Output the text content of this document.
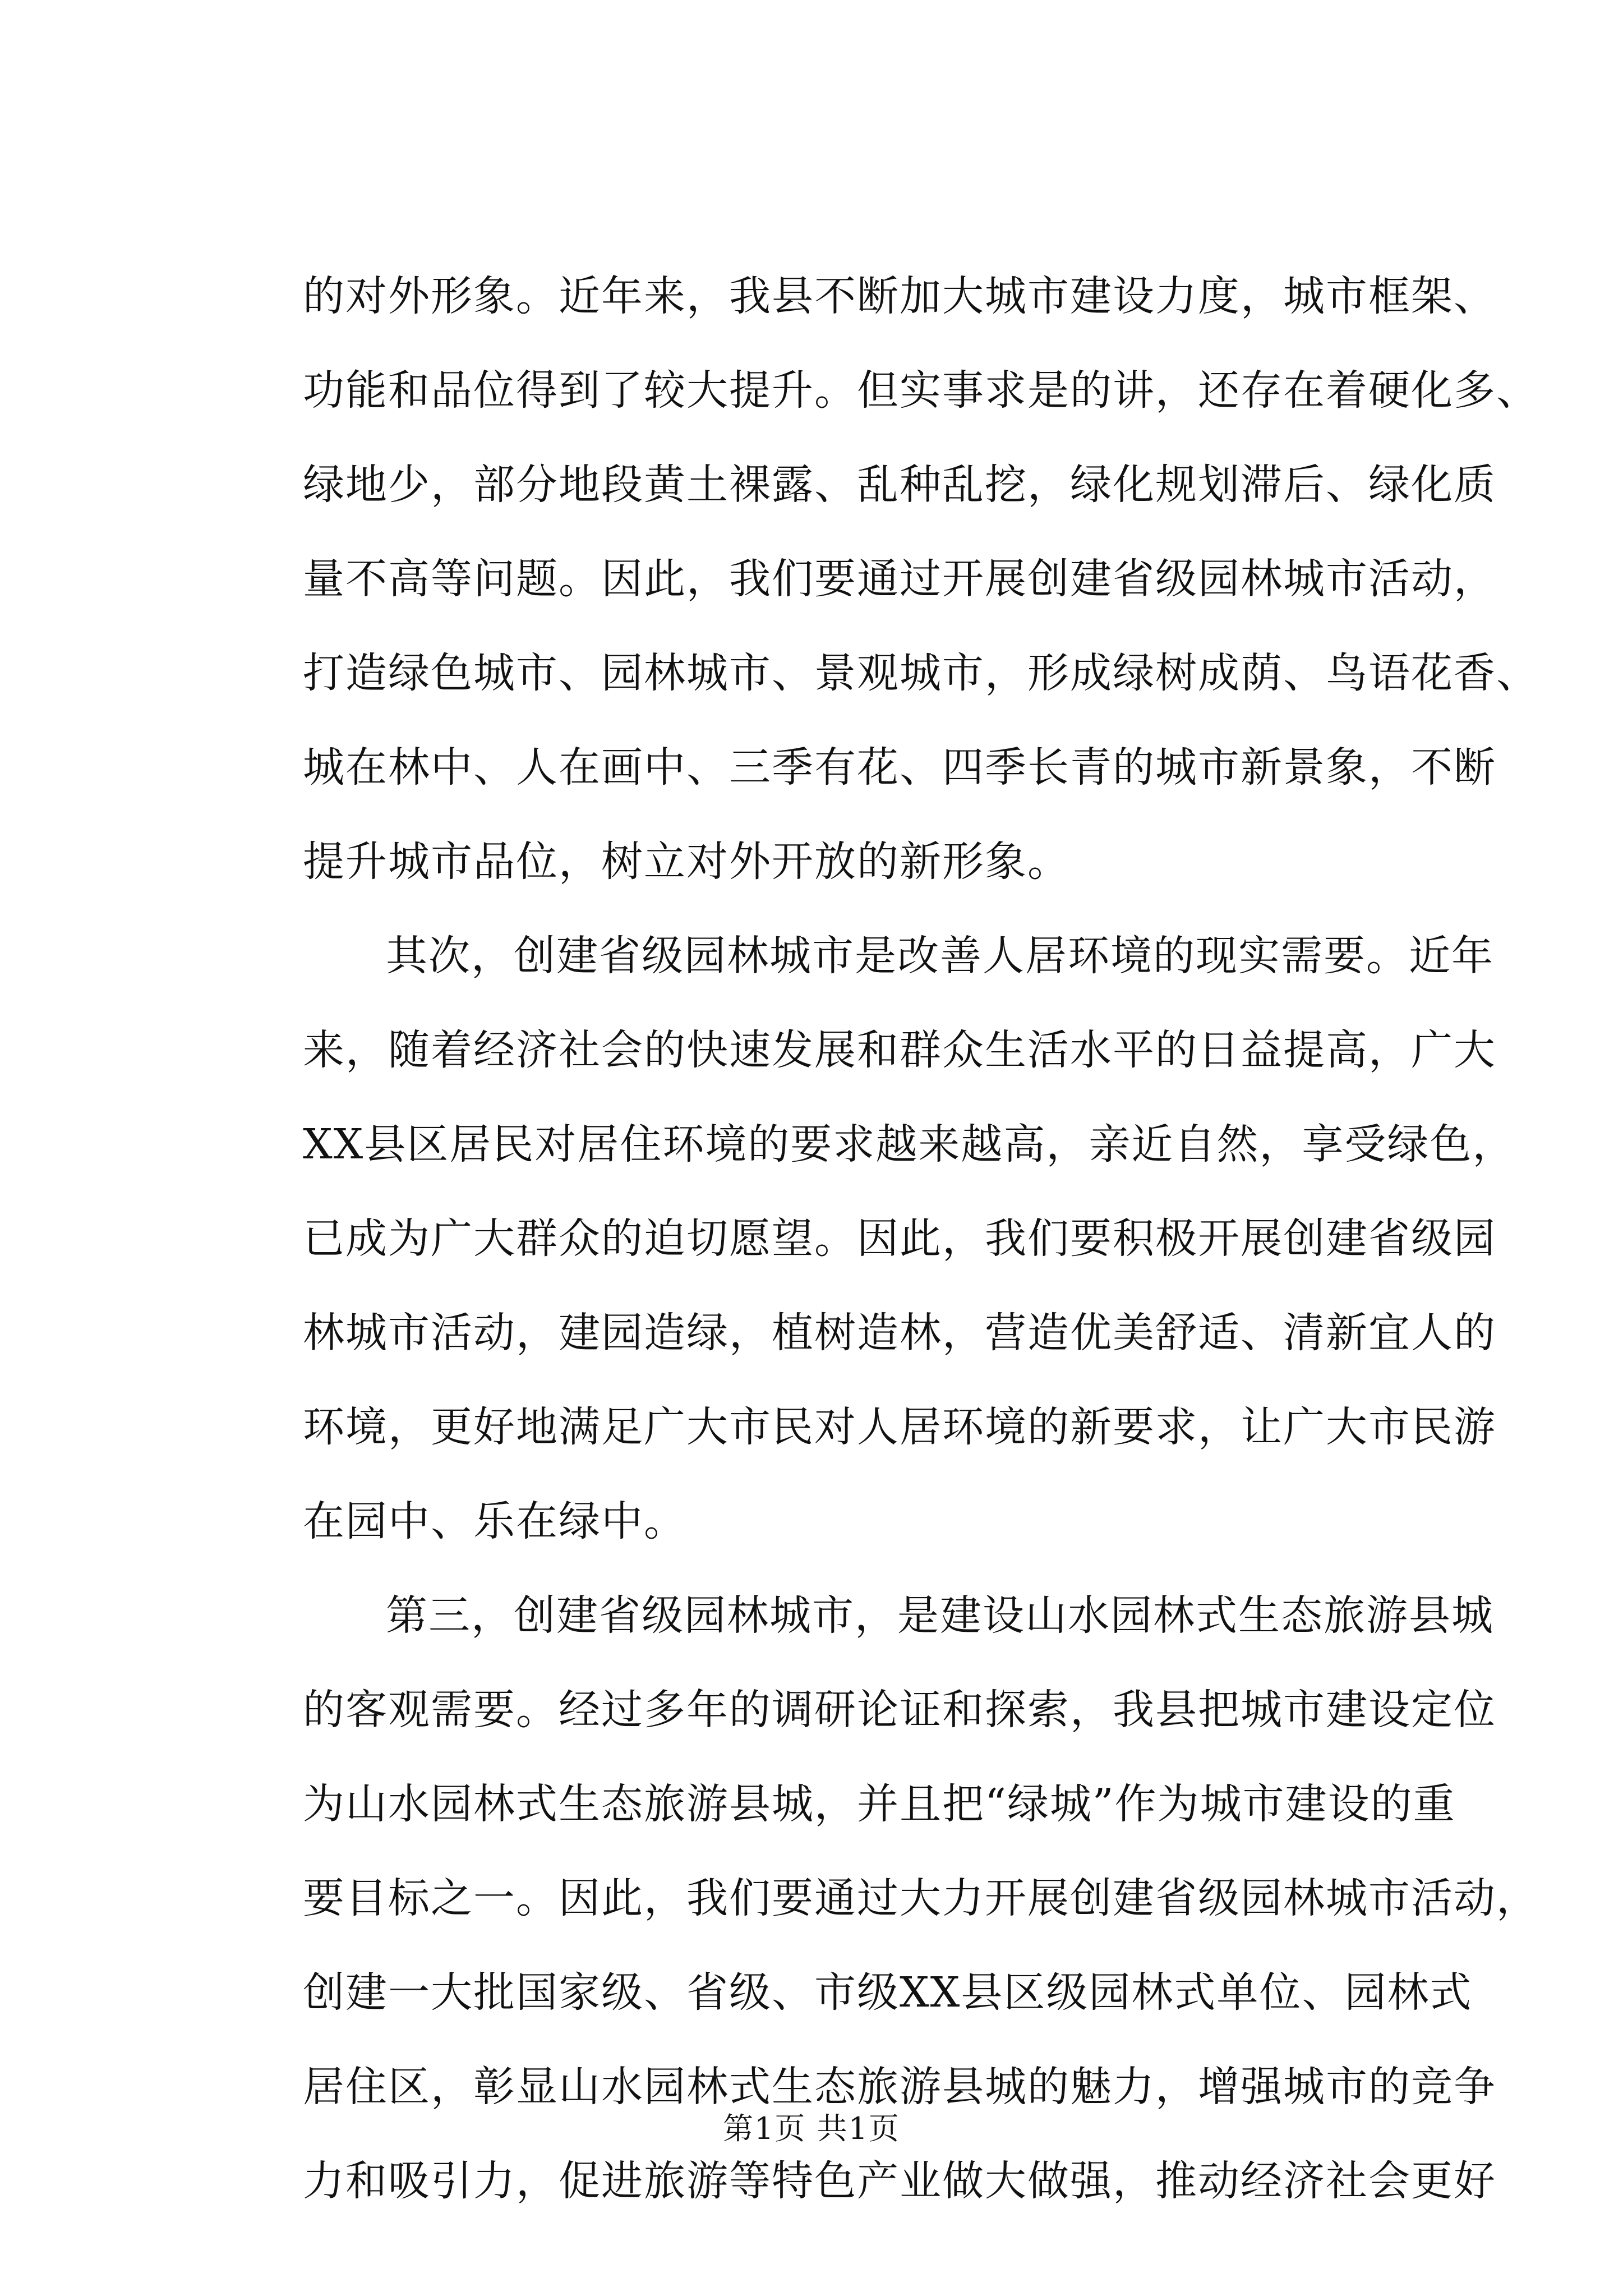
的对外形象。近年来，我县不断加大城市建设力度，城市框架、
功能和品位得到了较大提升。但实事求是的讲，还存在着硬化多、
绿地少，部分地段黄土裸露、乱种乱挖，绿化规划滞后、绿化质
量不高等问题。因此，我们要通过开展创建省级园林城市活动，
打造绿色城市、园林城市、景观城市，形成绿树成荫、鸟语花香、
城在林中、人在画中、三季有花、四季长青的城市新景象，不断
提升城市品位，树立对外开放的新形象。
其次，创建省级园林城市是改善人居环境的现实需要。近年
来，随着经济社会的快速发展和群众生活水平的日益提高，广大
XX县区居民对居住环境的要求越来越高，亲近自然，享受绿色，
已成为广大群众的迫切愿望。因此，我们要积极开展创建省级园
林城市活动，建园造绿，植树造林，营造优美舒适、清新宜人的
环境，更好地满足广大市民对人居环境的新要求，让广大市民游
在园中、乐在绿中。
第三，创建省级园林城市，是建设山水园林式生态旅游县城
的客观需要。经过多年的调研论证和探索，我县把城市建设定位
为山水园林式生态旅游县城，并且把“绿城”作为城市建设的重
要目标之一。因此，我们要通过大力开展创建省级园林城市活动，
创建一大批国家级、省级、市级XX县区级园林式单位、园林式
居住区，彰显山水园林式生态旅游县城的魅力，增强城市的竞争
力和吸引力，促进旅游等特色产业做大做强，推动经济社会更好
第1页 共1页
